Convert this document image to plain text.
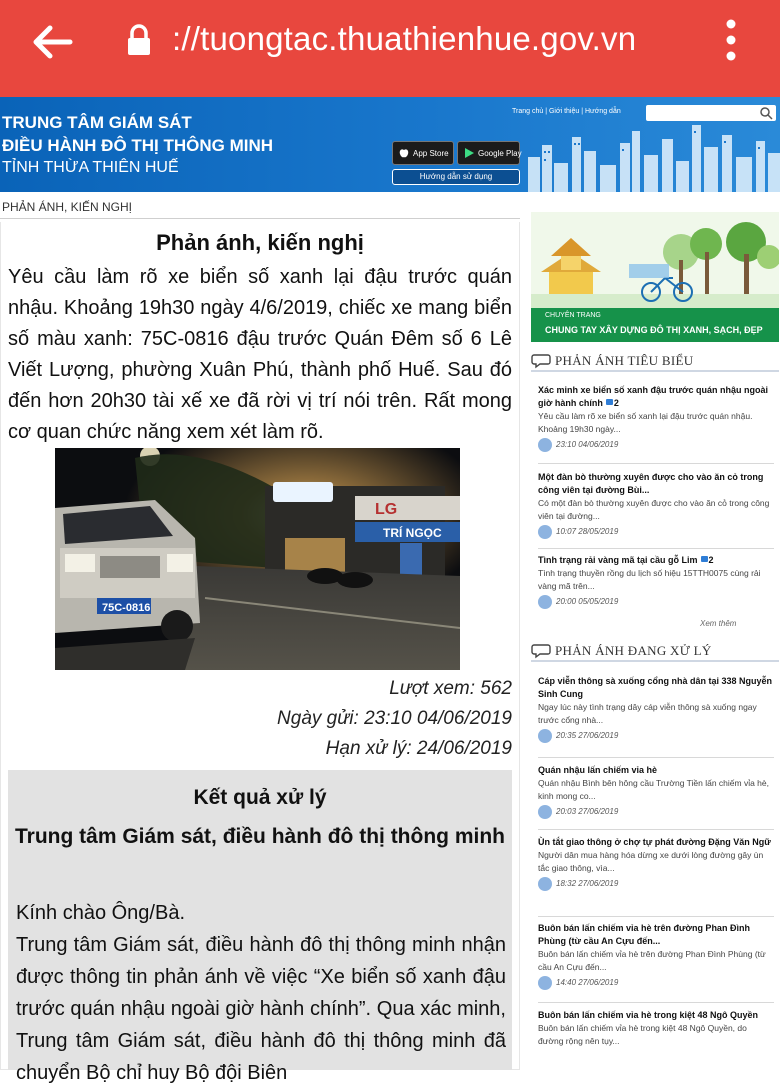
://tuongtac.thuathienhue.gov.vn
TRUNG TÂM GIÁM SÁT
ĐIỀU HÀNH ĐÔ THỊ THÔNG MINH
TỈNH THỪA THIÊN HUẾ
Trang chủ | Giới thiệu | Hướng dẫn
App Store	Google Play
Hướng dẫn sử dụng
PHẢN ÁNH, KIẾN NGHỊ
Phản ánh, kiến nghị
Yêu cầu làm rõ xe biển số xanh lại đậu trước quán nhậu. Khoảng 19h30 ngày 4/6/2019, chiếc xe mang biển số màu xanh: 75C-0816 đậu trước Quán Đêm số 6 Lê Viết Lượng, phường Xuân Phú, thành phố Huế. Sau đó đến hơn 20h30 tài xế xe đã rời vị trí nói trên. Rất mong cơ quan chức năng xem xét làm rõ.
LG
TRÍ NGỌC
75C-0816
Lượt xem: 562
Ngày gửi: 23:10 04/06/2019
Hạn xử lý: 24/06/2019
Kết quả xử lý
Trung tâm Giám sát, điều hành đô thị thông minh
Kính chào Ông/Bà.
Trung tâm Giám sát, điều hành đô thị thông minh nhận được thông tin phản ánh về việc “Xe biển số xanh đậu trước quán nhậu ngoài giờ hành chính”. Qua xác minh, Trung tâm Giám sát, điều hành đô thị thông minh đã chuyển Bộ chỉ huy Bộ đội Biên
CHUYÊN TRANG
CHUNG TAY XÂY DỰNG ĐÔ THỊ XANH, SẠCH, ĐẸP
PHẢN ÁNH TIÊU BIỂU
Xác minh xe biển số xanh đậu trước quán nhậu ngoài giờ hành chính 2
Yêu cầu làm rõ xe biển số xanh lại đậu trước quán nhậu. Khoảng 19h30 ngày...
23:10 04/06/2019
Một đàn bò thường xuyên được cho vào ăn cỏ trong công viên tại đường Bùi...
Có một đàn bò thường xuyên được cho vào ăn cỏ trong công viên tại đường...
10:07 28/05/2019
Tình trạng rải vàng mã tại cầu gỗ Lim 2
Tình trạng thuyền rồng du lịch số hiệu 15TTH0075 cùng rải vàng mã trên...
20:00 05/05/2019
Xem thêm
PHẢN ÁNH ĐANG XỬ LÝ
Cáp viễn thông sà xuống cổng nhà dân tại 338 Nguyễn Sinh Cung
Ngay lúc này tình trạng dây cáp viễn thông sà xuống ngay trước cổng nhà...
20:35 27/06/2019
Quán nhậu lấn chiếm vỉa hè
Quán nhậu Bình bên hông cầu Trường Tiền lấn chiếm vỉa hè, kinh mong co...
20:03 27/06/2019
Ùn tắt giao thông ở chợ tự phát đường Đặng Văn Ngữ
Người dân mua hàng hóa dừng xe dưới lòng đường gây ùn tắc giao thông, vìa...
18:32 27/06/2019
Buôn bán lấn chiếm vỉa hè trên đường Phan Đình Phùng (từ cầu An Cựu đến...
Buôn bán lấn chiếm vỉa hè trên đường Phan Đình Phùng (từ cầu An Cựu đến...
14:40 27/06/2019
Buôn bán lấn chiếm vỉa hè trong kiệt 48 Ngô Quyền
Buôn bán lấn chiếm vỉa hè trong kiệt 48 Ngô Quyền, do đường rộng nên tụy...
